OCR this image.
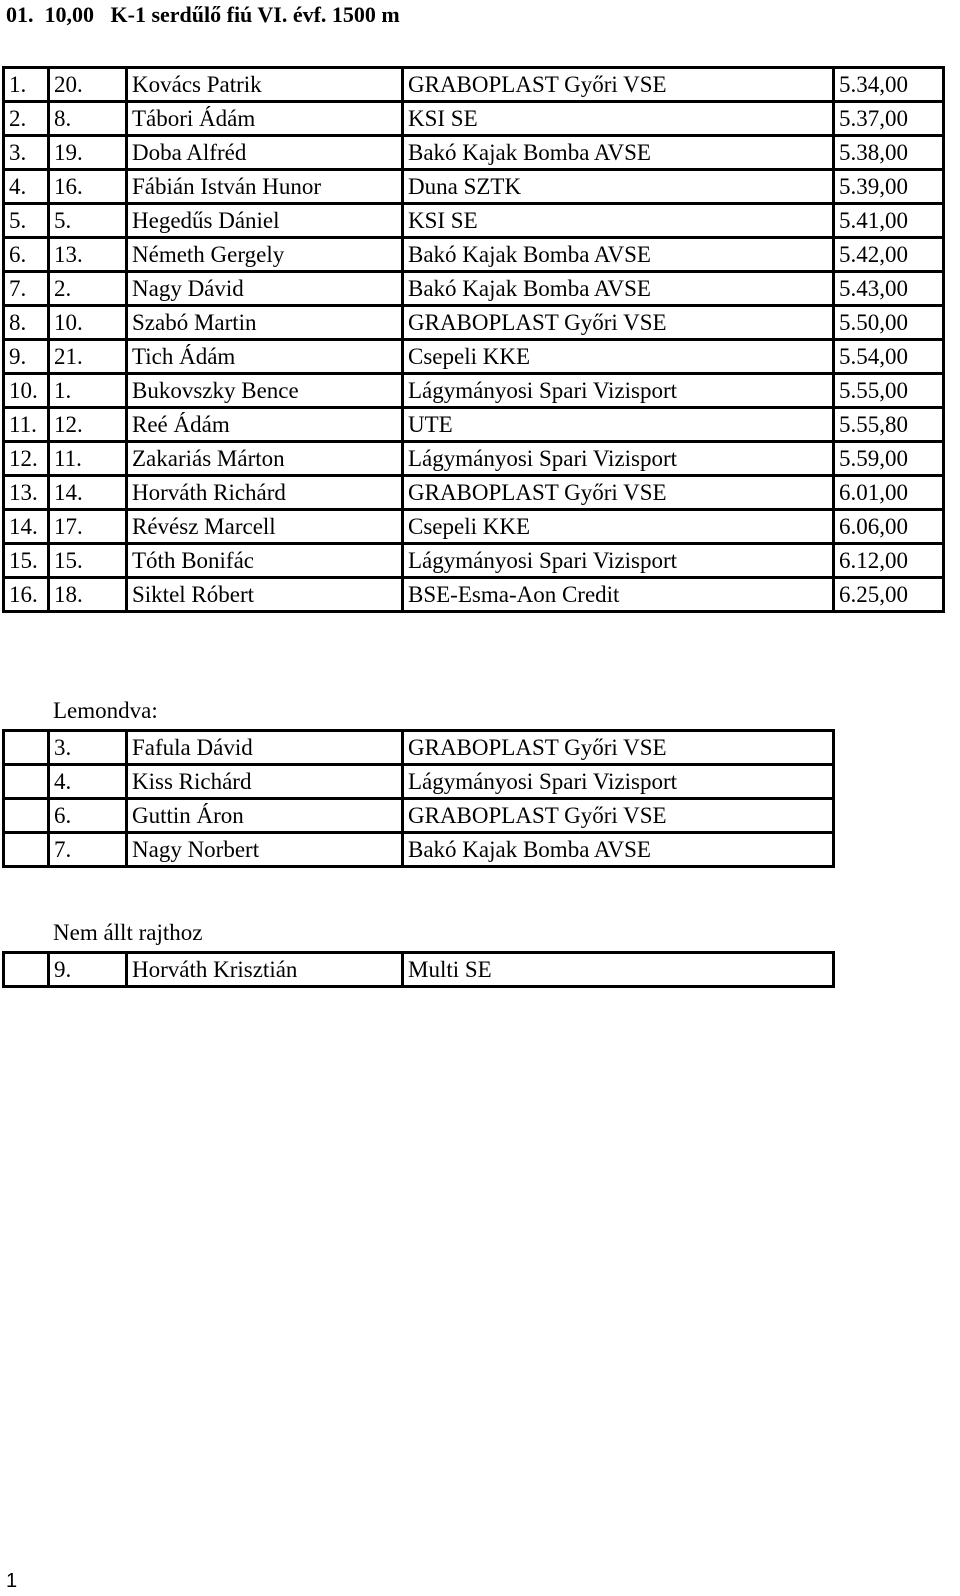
01. 10,00 K-1 serdűlő fiú VI. évf. 1500 m
1.	20.	Kovács Patrik	GRABOPLAST Győri VSE	5.34,00
2.	8.	Tábori Ádám	KSI SE	5.37,00
3.	19.	Doba Alfréd	Bakó Kajak Bomba AVSE	5.38,00
4.	16.	Fábián István Hunor	Duna SZTK	5.39,00
5.	5.	Hegedűs Dániel	KSI SE	5.41,00
6.	13.	Németh Gergely	Bakó Kajak Bomba AVSE	5.42,00
7.	2.	Nagy Dávid	Bakó Kajak Bomba AVSE	5.43,00
8.	10.	Szabó Martin	GRABOPLAST Győri VSE	5.50,00
9.	21.	Tich Ádám	Csepeli KKE	5.54,00
10.	1.	Bukovszky Bence	Lágymányosi Spari Vizisport	5.55,00
11.	12.	Reé Ádám	UTE	5.55,80
12.	11.	Zakariás Márton	Lágymányosi Spari Vizisport	5.59,00
13.	14.	Horváth Richárd	GRABOPLAST Győri VSE	6.01,00
14.	17.	Révész Marcell	Csepeli KKE	6.06,00
15.	15.	Tóth Bonifác	Lágymányosi Spari Vizisport	6.12,00
16.	18.	Siktel Róbert	BSE-Esma-Aon Credit	6.25,00
Lemondva:
	3.	Fafula Dávid	GRABOPLAST Győri VSE
	4.	Kiss Richárd	Lágymányosi Spari Vizisport
	6.	Guttin Áron	GRABOPLAST Győri VSE
	7.	Nagy Norbert	Bakó Kajak Bomba AVSE
Nem állt rajthoz
	9.	Horváth Krisztián	Multi SE
1
